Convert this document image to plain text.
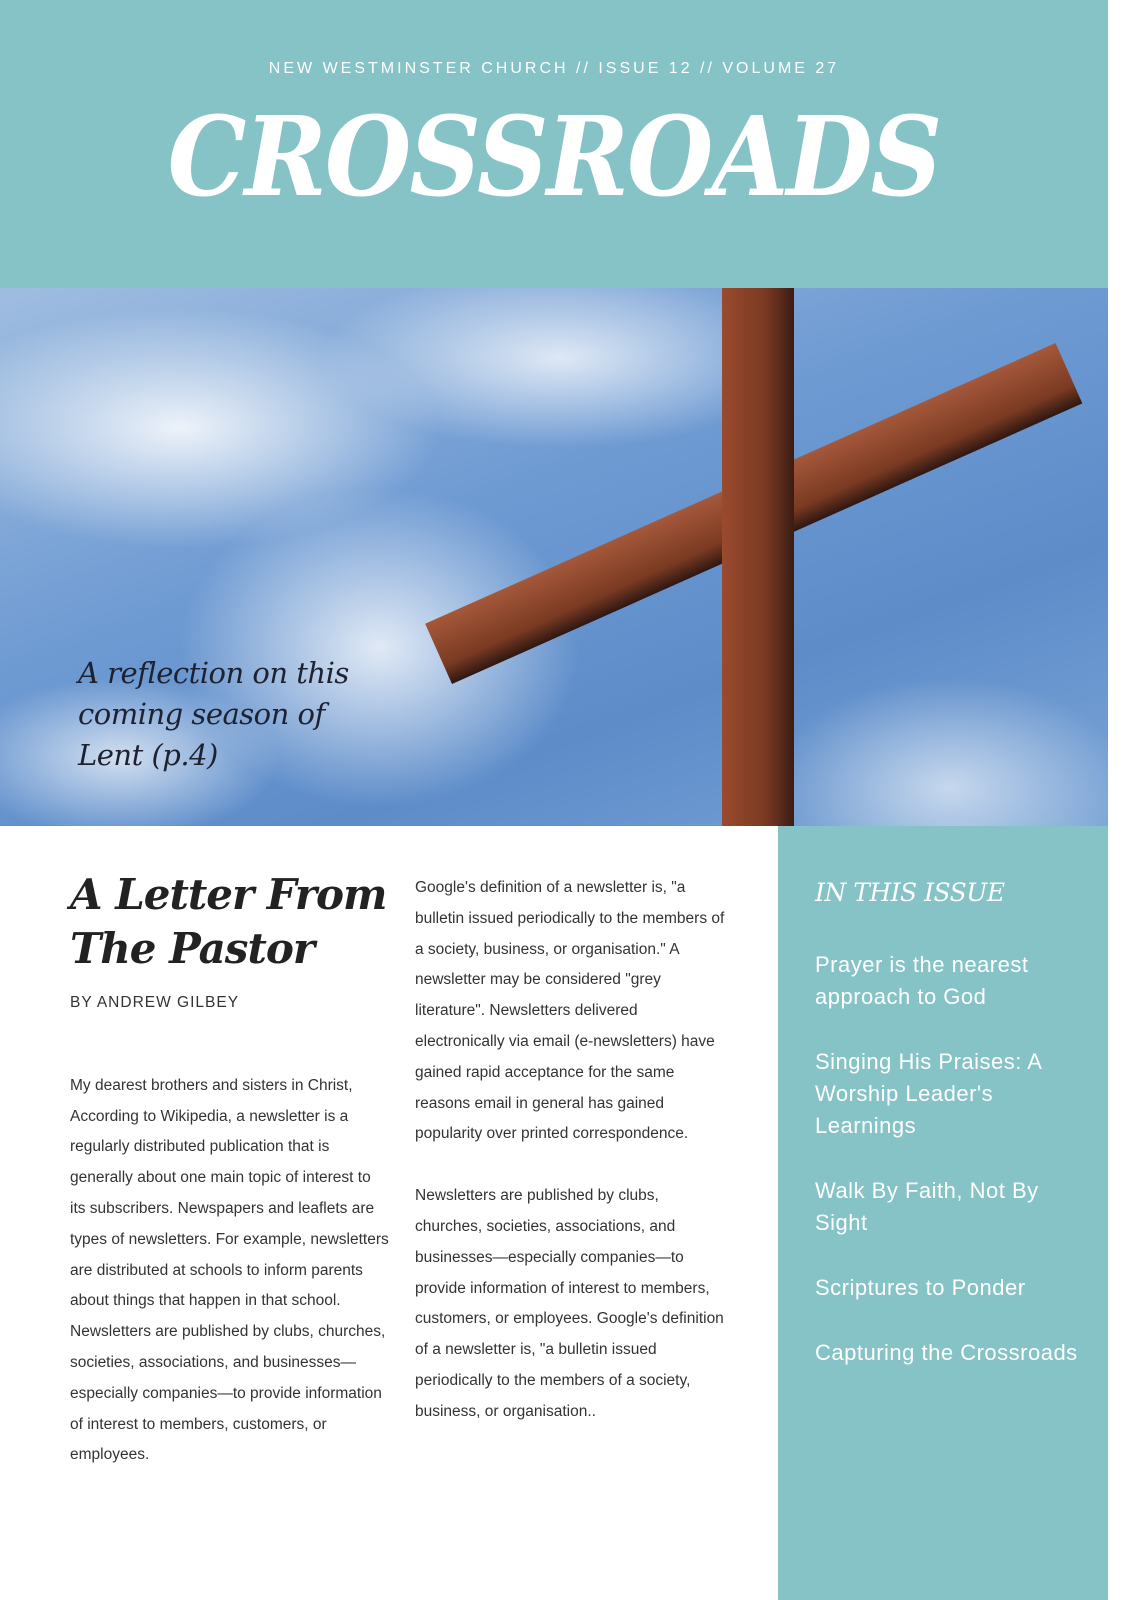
NEW WESTMINSTER CHURCH // ISSUE 12 // VOLUME 27
CROSSROADS
A reflection on this coming season of Lent (p.4)
A Letter From The Pastor
BY ANDREW GILBEY

My dearest brothers and sisters in Christ, According to Wikipedia, a newsletter is a regularly distributed publication that is generally about one main topic of interest to its subscribers. Newspapers and leaflets are types of newsletters. For example, newsletters are distributed at schools to inform parents about things that happen in that school. Newsletters are published by clubs, churches, societies, associations, and businesses—especially companies—to provide information of interest to members, customers, or employees.

Google's definition of a newsletter is, "a bulletin issued periodically to the members of a society, business, or organisation." A newsletter may be considered "grey literature". Newsletters delivered electronically via email (e-newsletters) have gained rapid acceptance for the same reasons email in general has gained popularity over printed correspondence.

Newsletters are published by clubs, churches, societies, associations, and businesses—especially companies—to provide information of interest to members, customers, or employees. Google's definition of a newsletter is, "a bulletin issued periodically to the members of a society, business, or organisation..

IN THIS ISSUE
Prayer is the nearest approach to God
Singing His Praises: A Worship Leader's Learnings
Walk By Faith, Not By Sight
Scriptures to Ponder
Capturing the Crossroads
